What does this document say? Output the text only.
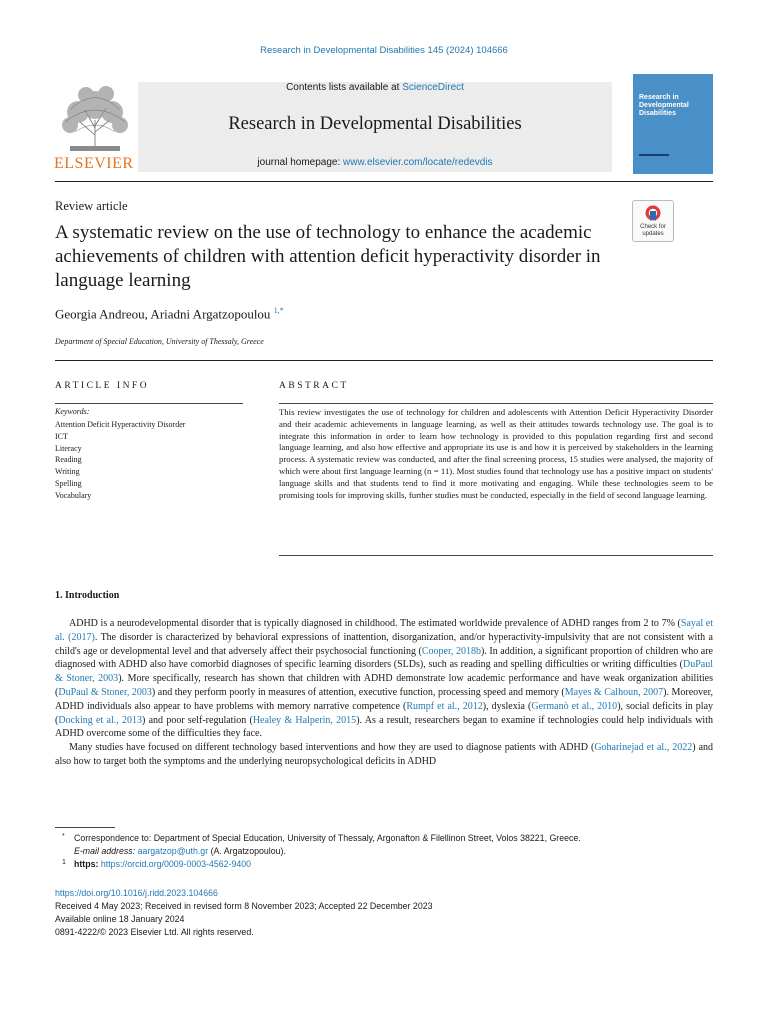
Research in Developmental Disabilities 145 (2024) 104666
ELSEVIER
Contents lists available at ScienceDirect
Research in Developmental Disabilities
journal homepage: www.elsevier.com/locate/redevdis
Research in Developmental Disabilities
Review article
Check for updates
A systematic review on the use of technology to enhance the academic achievements of children with attention deficit hyperactivity disorder in language learning
Georgia Andreou, Ariadni Argatzopoulou $^{1,*}$
Department of Special Education, University of Thessaly, Greece
ARTICLE INFO	ABSTRACT
Keywords:
Attention Deficit Hyperactivity Disorder
ICT
Literacy
Reading
Writing
Spelling
Vocabulary
This review investigates the use of technology for children and adolescents with Attention Deficit Hyperactivity Disorder and their academic achievements in language learning, as well as their attitudes towards technology use. The goal is to integrate this information in order to learn how technology is provided to this population regarding first and second language learning, and also how effective and appropriate its use is and how it is perceived by stakeholders in the learning process. A systematic review was conducted, and after the final screening process, 15 studies were analysed, the majority of which were about first language learning (n = 11). Most studies found that technology use has a positive impact on students' language skills and that students tend to find it more motivating and engaging. While these technologies seem to be promising tools for improving skills, further studies must be conducted, especially in the field of second language learning.
1. Introduction

ADHD is a neurodevelopmental disorder that is typically diagnosed in childhood. The estimated worldwide prevalence of ADHD ranges from 2 to 7% (Sayal et al. (2017). The disorder is characterized by behavioral expressions of inattention, disorganization, and/or hyperactivity-impulsivity that are not consistent with a child's age or developmental level and that adversely affect their psychosocial functioning (Cooper, 2018b). In addition, a significant proportion of children who are diagnosed with ADHD also have comorbid diagnoses of specific learning disorders (SLDs), such as reading and spelling difficulties or writing difficulties (DuPaul & Stoner, 2003). More specifically, research has shown that children with ADHD demonstrate low academic performance and have weak organization abilities (DuPaul & Stoner, 2003) and they perform poorly in measures of attention, executive function, processing speed and memory (Mayes & Calhoun, 2007). Moreover, ADHD individuals also appear to have problems with memory narrative competence (Rumpf et al., 2012), dyslexia (Germanò et al., 2010), social deficits in play (Docking et al., 2013) and poor self-regulation (Healey & Halperin, 2015). As a result, researchers began to examine if technologies could help individuals with ADHD overcome some of the difficulties they face.

Many studies have focused on different technology based interventions and how they are used to diagnose patients with ADHD (Goharinejad et al., 2022) and also how to target both the symptoms and the underlying neuropsychological deficits in ADHD

* Correspondence to: Department of Special Education, University of Thessaly, Argonafton & Filellinon Street, Volos 38221, Greece.
E-mail address: aargatzop@uth.gr (A. Argatzopoulou).
1 https: https://orcid.org/0009-0003-4562-9400
https://doi.org/10.1016/j.ridd.2023.104666
Received 4 May 2023; Received in revised form 8 November 2023; Accepted 22 December 2023
Available online 18 January 2024
0891-4222/© 2023 Elsevier Ltd. All rights reserved.
